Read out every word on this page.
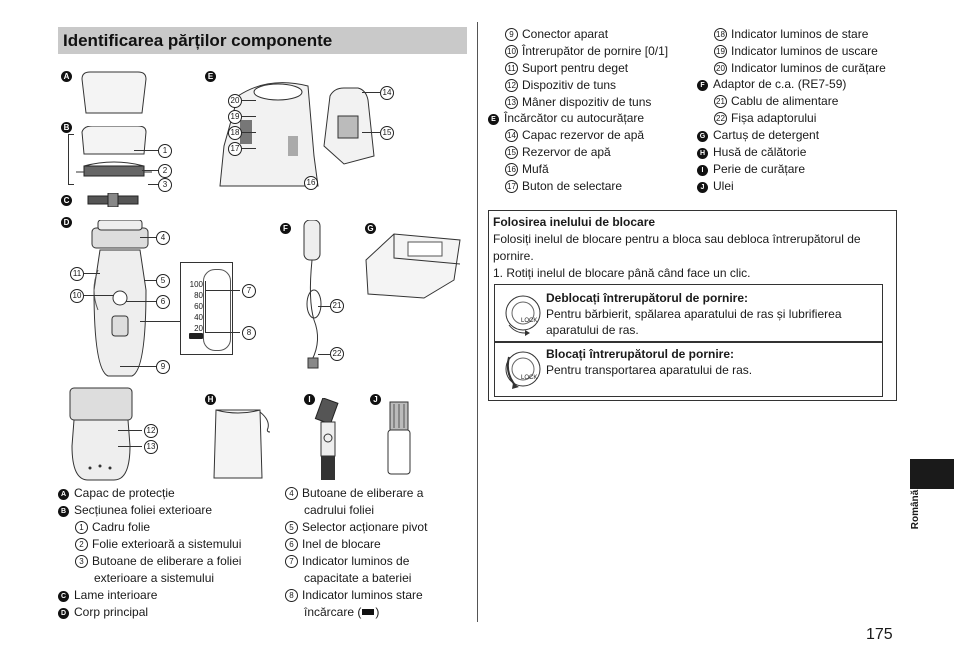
Identificarea părților componente
A
B
1
2
3
C
D
4
11
5
10
6
9
100
80
60
40
20
7
8
12
13
E
20
19
18
17
16
14
15
F
21
22
G
H	I	J
A Capac de protecție
B Secțiunea foliei exterioare
1 Cadru folie
2 Folie exterioară a sistemului
3 Butoane de eliberare a foliei
exterioare a sistemului
C Lame interioare
D Corp principal
4 Butoane de eliberare a
cadrului foliei
5 Selector acționare pivot
6 Inel de blocare
7 Indicator luminos de
capacitate a bateriei
8 Indicator luminos stare
încărcare ( )
9 Conector aparat
10 Întrerupător de pornire [0/1]
11 Suport pentru deget
12 Dispozitiv de tuns
13 Mâner dispozitiv de tuns
E Încărcător cu autocurățare
14 Capac rezervor de apă
15 Rezervor de apă
16 Mufă
17 Buton de selectare
18 Indicator luminos de stare
19 Indicator luminos de uscare
20 Indicator luminos de curățare
F Adaptor de c.a. (RE7-59)
21 Cablu de alimentare
22 Fișa adaptorului
G Cartuș de detergent
H Husă de călătorie
I Perie de curățare
J Ulei
Folosirea inelului de blocare
Folosiți inelul de blocare pentru a bloca sau debloca întrerupătorul de
pornire.
1. Rotiți inelul de blocare până când face un clic.
LOCK
Deblocați întrerupătorul de pornire:
Pentru bărbierit, spălarea aparatului de ras și lubrifierea
aparatului de ras.
LOCK
Blocați întrerupătorul de pornire:
Pentru transportarea aparatului de ras.
Română
175
